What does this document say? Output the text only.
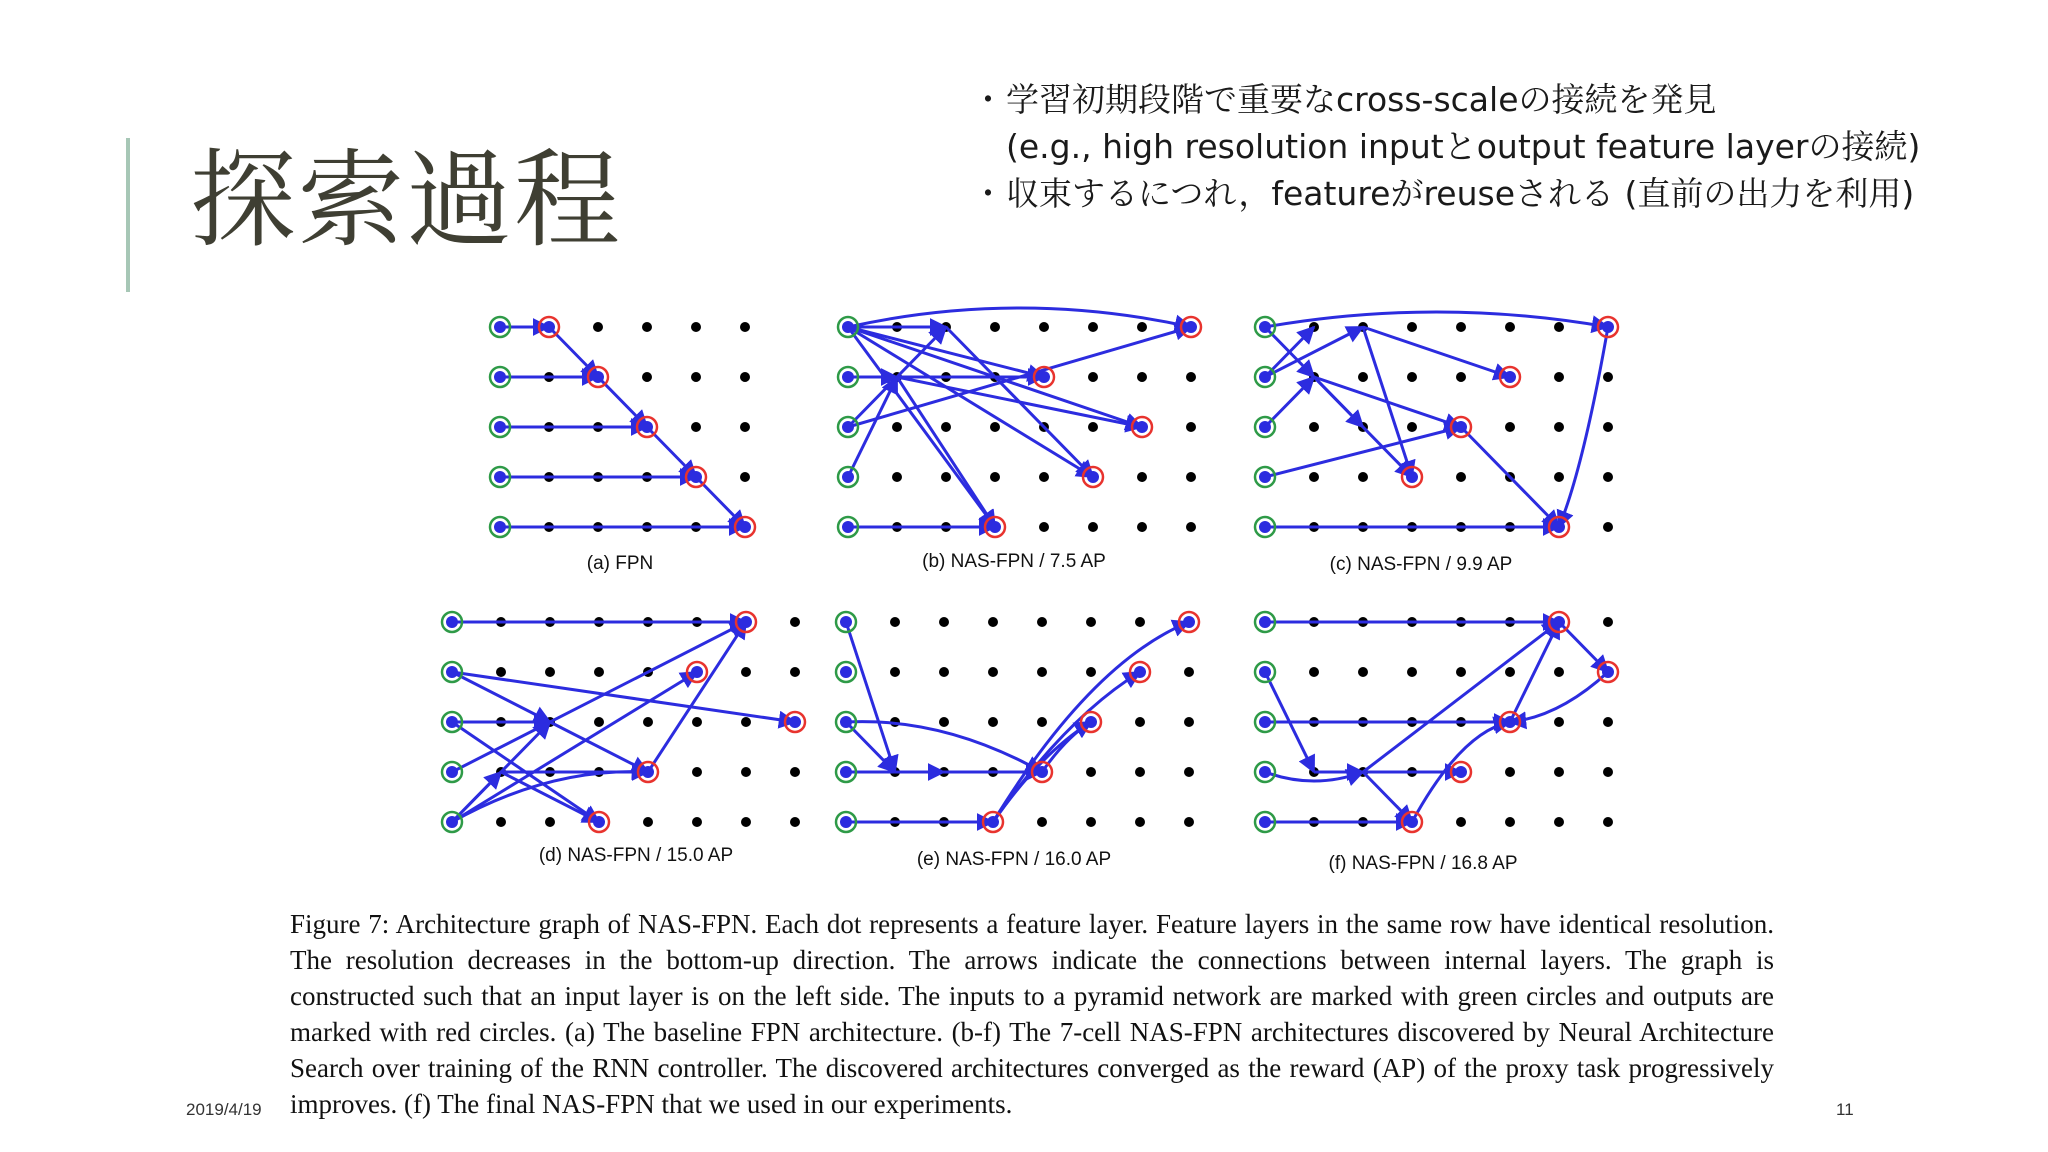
探索過程
・ 学習初期段階で重要なcross-scaleの接続を発見
(e.g., high resolution inputとoutput feature layerの接続)
・ 収束するにつれ，featureがreuseされる (直前の出力を利用)
(a) FPN	(b) NAS-FPN / 7.5 AP	(c) NAS-FPN / 9.9 AP
(d) NAS-FPN / 15.0 AP	(e) NAS-FPN / 16.0 AP	(f) NAS-FPN / 16.8 AP
Figure 7: Architecture graph of NAS-FPN. Each dot represents a feature layer. Feature layers in the same row have identical resolution. The resolution decreases in the bottom-up direction. The arrows indicate the connections between internal layers. The graph is constructed such that an input layer is on the left side. The inputs to a pyramid network are marked with green circles and outputs are marked with red circles. (a) The baseline FPN architecture. (b-f) The 7-cell NAS-FPN architectures discovered by Neural Architecture Search over training of the RNN controller. The discovered architectures converged as the reward (AP) of the proxy task progressively improves. (f) The final NAS-FPN that we used in our experiments.
2019/4/19	11
